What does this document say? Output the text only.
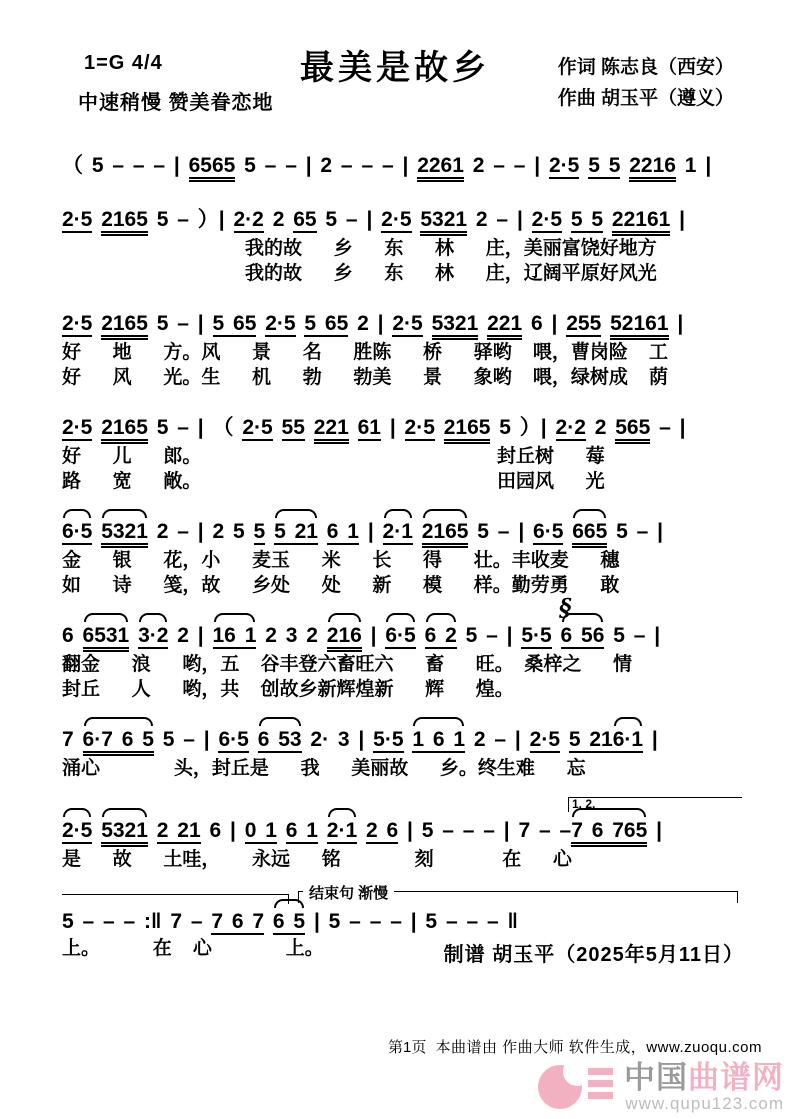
1=G 4/4
中速稍慢 赞美眷恋地
最美是故乡	作词 陈志良（西安）
作曲 胡玉平（遵义）
（ 5 – – – | 6565 5 – – | 2 – – – | 2261 2 – – | 2·5 5 5 2216 1 |
2·5 2165 5 – ）| 2·2 2 65 5 – | 2·5 5321 2 – | 2·5 5 5 22161 |
我的故      乡      东      林      庄，美丽富饶好地方
我的故      乡      东      林      庄，辽阔平原好风光
2·5 2165 5 – | 5 65 2·5 5 65 2 | 2·5 5321 221 6 | 255 52161 |
好      地      方。风      景      名      胜陈      桥      驿哟    喂，曹岗险    工
好      风      光。生      机      勃      勃美      景      象哟    喂，绿树成    荫
2·5 2165 5 – | （ 2·5 55 221 61 | 2·5 2165 5 ）| 2·2 2 565 – |
好      儿      郎。                                                        封丘树      莓
路      宽      敞。                                                        田园风      光
6·5 5321 2 – | 2 5 5 5 21 6 1 | 2·1 2165 5 – | 6·5 665 5 – |
金      银      花，小      麦玉      米      长      得      壮。丰收麦      穗
如      诗      笺，故      乡处      处      新      模      样。勤劳勇      敢
§
6 6531 3·2 2 | 16 1 2 3 2 216 | 6·5 6 2 5 – | 5·5 6 56 5 – |
翻金      浪      哟，五    谷丰登六畜旺六      畜      旺。  桑梓之      情
封丘      人      哟，共    创故乡新辉煌新      辉      煌。
7 6·7 6 5 5 – | 6·5 6 53 2· 3 | 5·5 1 6 1 2 – | 2·5 5 216·1 |
涌心              头，封丘是      我      美丽故      乡。终生难      忘
1. 2.
2·5 5321 2 21 6 | 0 1 6 1 2·1 2 6 | 5 – – – | 7 – –7 6 765 |
是      故      土哇，      永远      铭              刻             在      心
结束句 渐慢
5 – – – :‖ 7 – 7 6 7 6 5 | 5 – – – | 5 – – – ‖
上。          在    心              上。	制谱 胡玉平（2025年5月11日）
第1页 本曲谱由 作曲大师 软件生成，www.zuoqu.com
中国曲谱网
www.qupu123.com
